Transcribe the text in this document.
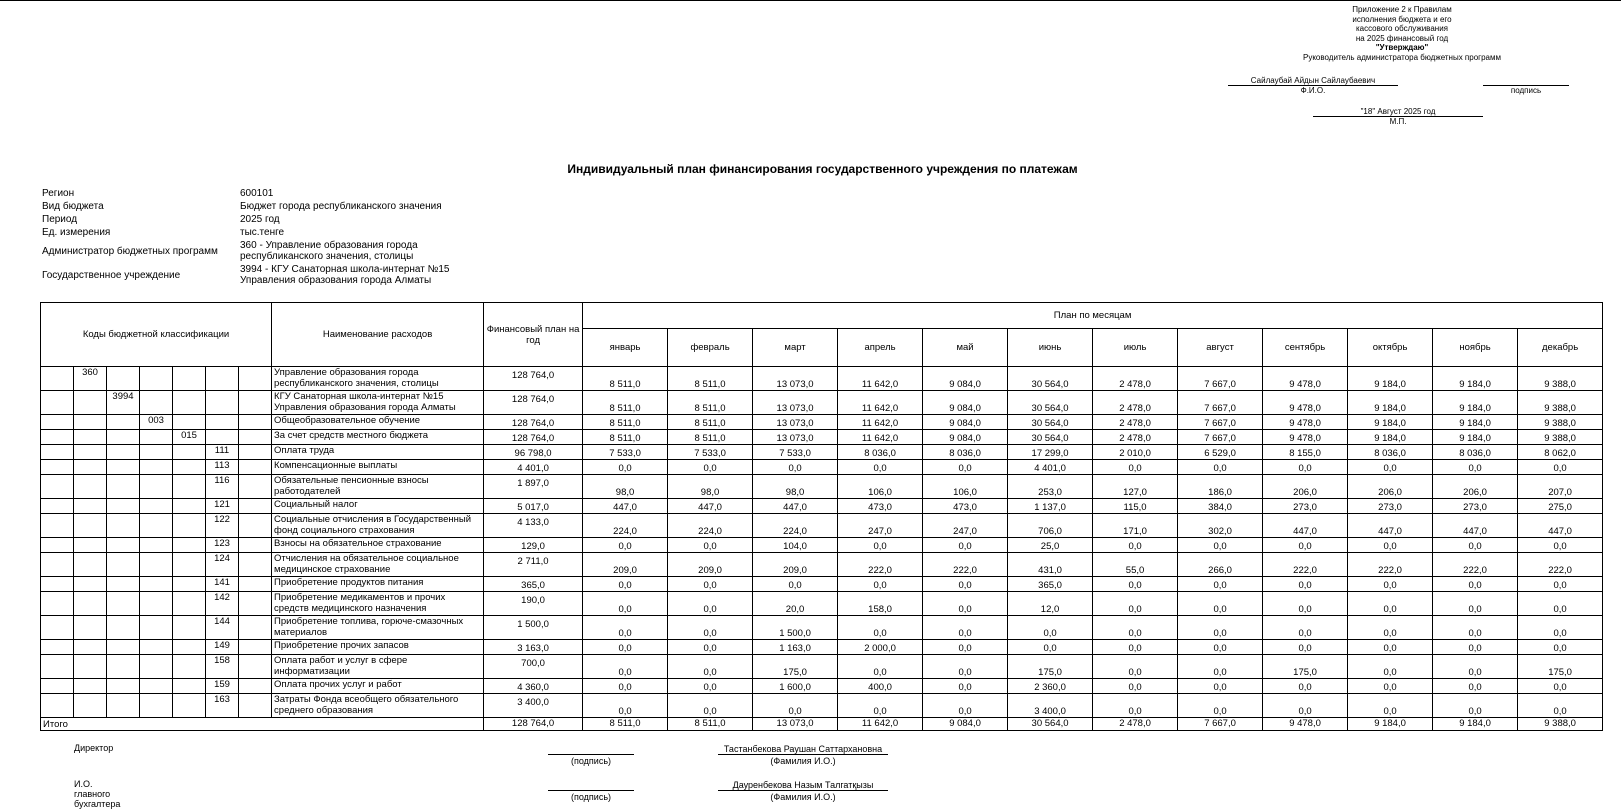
Приложение 2 к Правилам
исполнения бюджета и его
кассового обслуживания
на 2025 финансовый год
"Утверждаю"
Руководитель администратора бюджетных программ
Сайлаубай Айдын Сайлаубаевич
Ф.И.О.	подпись
"18" Август 2025 год
М.П.
Индивидуальный план финансирования государственного учреждения по платежам
Регион	600101
Вид бюджета	Бюджет города республиканского значения
Период	2025 год
Ед. измерения	тыс.тенге
Администратор бюджетных программ	360 - Управление образования города республиканского значения, столицы
Государственное учреждение	3994 - КГУ Санаторная школа-интернат №15 Управления образования города Алматы
Коды бюджетной классификации							Наименование расходов	Финансовый план на год	План по месяцам											
									январь	февраль	март	апрель	май	июнь	июль	август	сентябрь	октябрь	ноябрь	декабрь
	360						Управление образования города республиканского значения, столицы	128 764,0	8 511,0	8 511,0	13 073,0	11 642,0	9 084,0	30 564,0	2 478,0	7 667,0	9 478,0	9 184,0	9 184,0	9 388,0
		3994					КГУ Санаторная школа-интернат №15 Управления образования города Алматы	128 764,0	8 511,0	8 511,0	13 073,0	11 642,0	9 084,0	30 564,0	2 478,0	7 667,0	9 478,0	9 184,0	9 184,0	9 388,0
			003				Общеобразовательное обучение	128 764,0	8 511,0	8 511,0	13 073,0	11 642,0	9 084,0	30 564,0	2 478,0	7 667,0	9 478,0	9 184,0	9 184,0	9 388,0
				015			За счет средств местного бюджета	128 764,0	8 511,0	8 511,0	13 073,0	11 642,0	9 084,0	30 564,0	2 478,0	7 667,0	9 478,0	9 184,0	9 184,0	9 388,0
					111		Оплата труда	96 798,0	7 533,0	7 533,0	7 533,0	8 036,0	8 036,0	17 299,0	2 010,0	6 529,0	8 155,0	8 036,0	8 036,0	8 062,0
					113		Компенсационные выплаты	4 401,0	0,0	0,0	0,0	0,0	0,0	4 401,0	0,0	0,0	0,0	0,0	0,0	0,0
					116		Обязательные пенсионные взносы работодателей	1 897,0	98,0	98,0	98,0	106,0	106,0	253,0	127,0	186,0	206,0	206,0	206,0	207,0
					121		Социальный налог	5 017,0	447,0	447,0	447,0	473,0	473,0	1 137,0	115,0	384,0	273,0	273,0	273,0	275,0
					122		Социальные отчисления в Государственный фонд социального страхования	4 133,0	224,0	224,0	224,0	247,0	247,0	706,0	171,0	302,0	447,0	447,0	447,0	447,0
					123		Взносы на обязательное страхование	129,0	0,0	0,0	104,0	0,0	0,0	25,0	0,0	0,0	0,0	0,0	0,0	0,0
					124		Отчисления на обязательное социальное медицинское страхование	2 711,0	209,0	209,0	209,0	222,0	222,0	431,0	55,0	266,0	222,0	222,0	222,0	222,0
					141		Приобретение продуктов питания	365,0	0,0	0,0	0,0	0,0	0,0	365,0	0,0	0,0	0,0	0,0	0,0	0,0
					142		Приобретение медикаментов и прочих средств медицинского назначения	190,0	0,0	0,0	20,0	158,0	0,0	12,0	0,0	0,0	0,0	0,0	0,0	0,0
					144		Приобретение топлива, горюче-смазочных материалов	1 500,0	0,0	0,0	1 500,0	0,0	0,0	0,0	0,0	0,0	0,0	0,0	0,0	0,0
					149		Приобретение прочих запасов	3 163,0	0,0	0,0	1 163,0	2 000,0	0,0	0,0	0,0	0,0	0,0	0,0	0,0	0,0
					158		Оплата работ и услуг в сфере информатизации	700,0	0,0	0,0	175,0	0,0	0,0	175,0	0,0	0,0	175,0	0,0	0,0	175,0
					159		Оплата прочих услуг и работ	4 360,0	0,0	0,0	1 600,0	400,0	0,0	2 360,0	0,0	0,0	0,0	0,0	0,0	0,0
					163		Затраты Фонда всеобщего обязательного среднего образования	3 400,0	0,0	0,0	0,0	0,0	0,0	3 400,0	0,0	0,0	0,0	0,0	0,0	0,0
Итого								128 764,0	8 511,0	8 511,0	13 073,0	11 642,0	9 084,0	30 564,0	2 478,0	7 667,0	9 478,0	9 184,0	9 184,0	9 388,0
Директор
(подпись)
Тастанбекова Раушан Саттархановна
(Фамилия И.О.)
И.О. главного бухгалтера
(подпись)
Дауренбекова Назым Талгатқызы
(Фамилия И.О.)
